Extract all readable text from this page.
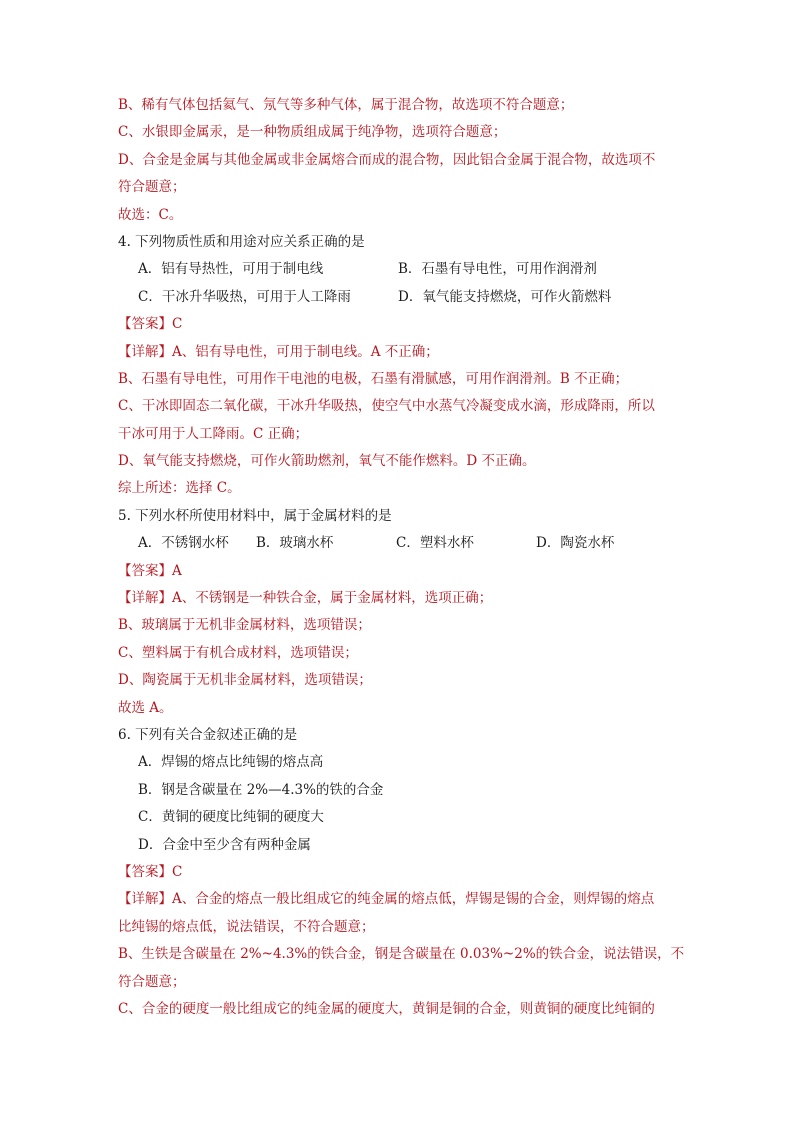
B、稀有气体包括氦气、氖气等多种气体，属于混合物，故选项不符合题意；
C、水银即金属汞，是一种物质组成属于纯净物，选项符合题意；
D、合金是金属与其他金属或非金属熔合而成的混合物，因此铝合金属于混合物，故选项不
符合题意；
故选：C。
4. 下列物质性质和用途对应关系正确的是
A．铝有导热性，可用于制电线	B．石墨有导电性，可用作润滑剂
C．干冰升华吸热，可用于人工降雨	D．氧气能支持燃烧，可作火箭燃料
【答案】C
【详解】A、铝有导电性，可用于制电线。A 不正确；
B、石墨有导电性，可用作干电池的电极，石墨有滑腻感，可用作润滑剂。B 不正确；
C、干冰即固态二氧化碳，干冰升华吸热，使空气中水蒸气冷凝变成水滴，形成降雨，所以
干冰可用于人工降雨。C 正确；
D、氧气能支持燃烧，可作火箭助燃剂，氧气不能作燃料。D 不正确。
综上所述：选择 C。
5. 下列水杯所使用材料中，属于金属材料的是
A．不锈钢水杯	B．玻璃水杯	C．塑料水杯	D．陶瓷水杯
【答案】A
【详解】A、不锈钢是一种铁合金，属于金属材料，选项正确；
B、玻璃属于无机非金属材料，选项错误；
C、塑料属于有机合成材料，选项错误；
D、陶瓷属于无机非金属材料，选项错误；
故选 A。
6. 下列有关合金叙述正确的是
A．焊锡的熔点比纯锡的熔点高
B．钢是含碳量在 2%—4.3%的铁的合金
C．黄铜的硬度比纯铜的硬度大
D．合金中至少含有两种金属
【答案】C
【详解】A、合金的熔点一般比组成它的纯金属的熔点低，焊锡是锡的合金，则焊锡的熔点
比纯锡的熔点低，说法错误，不符合题意；
B、生铁是含碳量在 2%~4.3%的铁合金，钢是含碳量在 0.03%~2%的铁合金，说法错误，不
符合题意；
C、合金的硬度一般比组成它的纯金属的硬度大，黄铜是铜的合金，则黄铜的硬度比纯铜的
